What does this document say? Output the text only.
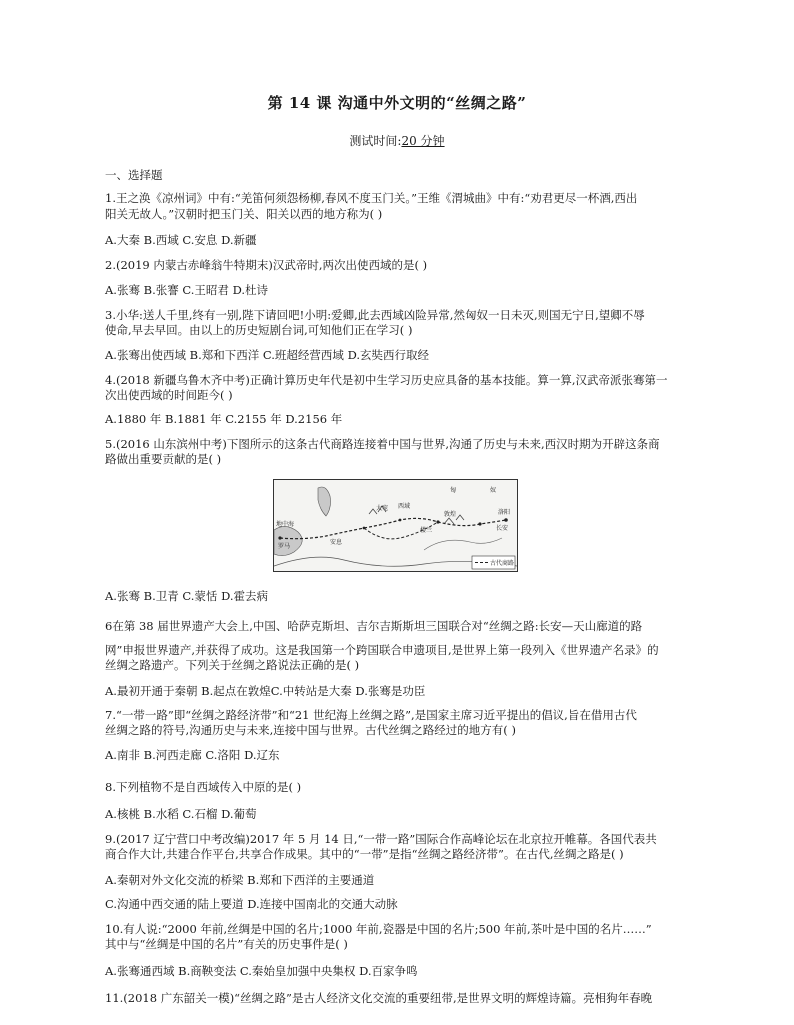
第 14 课 沟通中外文明的“丝绸之路”
测试时间:20 分钟
一、选择题
1.王之涣《凉州词》中有:“羌笛何须怨杨柳,春风不度玉门关。”王维《渭城曲》中有:“劝君更尽一杯酒,西出
阳关无故人。”汉朝时把玉门关、阳关以西的地方称为( )
A.大秦 B.西域 C.安息 D.新疆
2.(2019 内蒙古赤峰翁牛特期末)汉武帝时,两次出使西域的是( )
A.张骞 B.张謇 C.王昭君 D.杜诗
3.小华:送人千里,终有一别,陛下请回吧!小明:爱卿,此去西域凶险异常,然匈奴一日未灭,则国无宁日,望卿不辱
使命,早去早回。由以上的历史短剧台词,可知他们正在学习( )
A.张骞出使西域 B.郑和下西洋 C.班超经营西域 D.玄奘西行取经
4.(2018 新疆乌鲁木齐中考)正确计算历史年代是初中生学习历史应具备的基本技能。算一算,汉武帝派张骞第一
次出使西域的时间距今( )
A.1880 年 B.1881 年 C.2155 年 D.2156 年
5.(2016 山东滨州中考)下图所示的这条古代商路连接着中国与世界,沟通了历史与未来,西汉时期为开辟这条商
路做出重要贡献的是( )
匈	奴
长安
洛阳
敦煌
安息
地中海
罗马
楼兰
大宛 西域
古代商路
A.张骞 B.卫青 C.蒙恬 D.霍去病
6在第 38 届世界遗产大会上,中国、哈萨克斯坦、吉尔吉斯斯坦三国联合对“丝绸之路:长安—天山廊道的路
网”申报世界遗产,并获得了成功。这是我国第一个跨国联合申遗项目,是世界上第一段列入《世界遗产名录》的
丝绸之路遗产。下列关于丝绸之路说法正确的是( )
A.最初开通于秦朝 B.起点在敦煌C.中转站是大秦 D.张骞是功臣
7.“一带一路”即“丝绸之路经济带”和“21 世纪海上丝绸之路”,是国家主席习近平提出的倡议,旨在借用古代
丝绸之路的符号,沟通历史与未来,连接中国与世界。古代丝绸之路经过的地方有( )
A.南非 B.河西走廊 C.洛阳 D.辽东
8.下列植物不是自西域传入中原的是( )
A.核桃 B.水稻 C.石榴 D.葡萄
9.(2017 辽宁营口中考改编)2017 年 5 月 14 日,“一带一路”国际合作高峰论坛在北京拉开帷幕。各国代表共
商合作大计,共建合作平台,共享合作成果。其中的“一带”是指“丝绸之路经济带”。在古代,丝绸之路是( )
A.秦朝对外文化交流的桥梁 B.郑和下西洋的主要通道
C.沟通中西交通的陆上要道 D.连接中国南北的交通大动脉
10.有人说:“2000 年前,丝绸是中国的名片;1000 年前,瓷器是中国的名片;500 年前,茶叶是中国的名片……”
其中与“丝绸是中国的名片”有关的历史事件是( )
A.张骞通西域 B.商鞅变法 C.秦始皇加强中央集权 D.百家争鸣
11.(2018 广东韶关一模)“丝绸之路”是古人经济文化交流的重要纽带,是世界文明的辉煌诗篇。亮相狗年春晚
